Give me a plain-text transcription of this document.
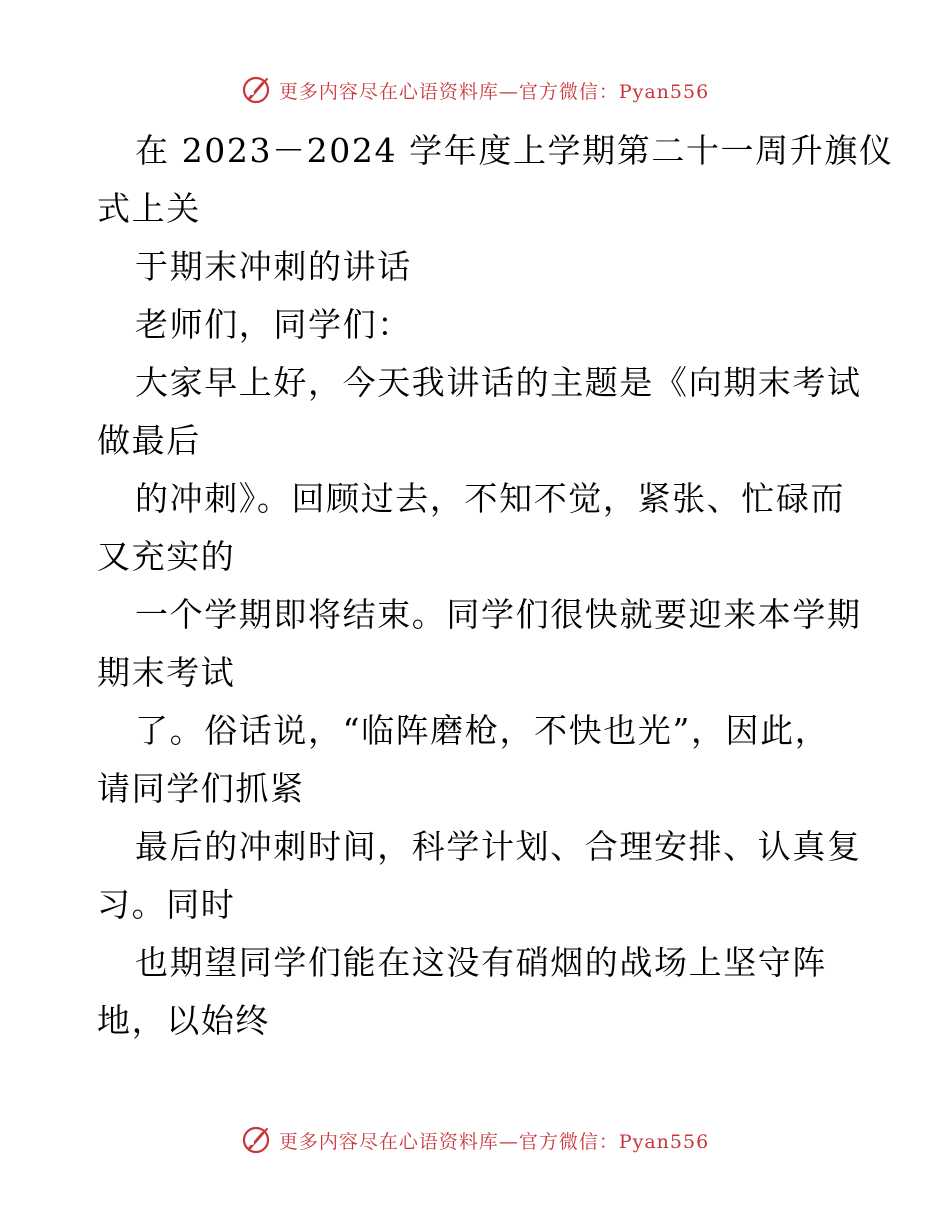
更多内容尽在心语资料库—官方微信：Pyan556
在 2023－2024 学年度上学期第二十一周升旗仪
式上关
于期末冲刺的讲话
老师们，同学们：
大家早上好，今天我讲话的主题是《向期末考试
做最后
的冲刺》。回顾过去，不知不觉，紧张、忙碌而
又充实的
一个学期即将结束。同学们很快就要迎来本学期
期末考试
了。俗话说，“临阵磨枪，不快也光”，因此，
请同学们抓紧
最后的冲刺时间，科学计划、合理安排、认真复
习。同时
也期望同学们能在这没有硝烟的战场上坚守阵
地，以始终
更多内容尽在心语资料库—官方微信：Pyan556
